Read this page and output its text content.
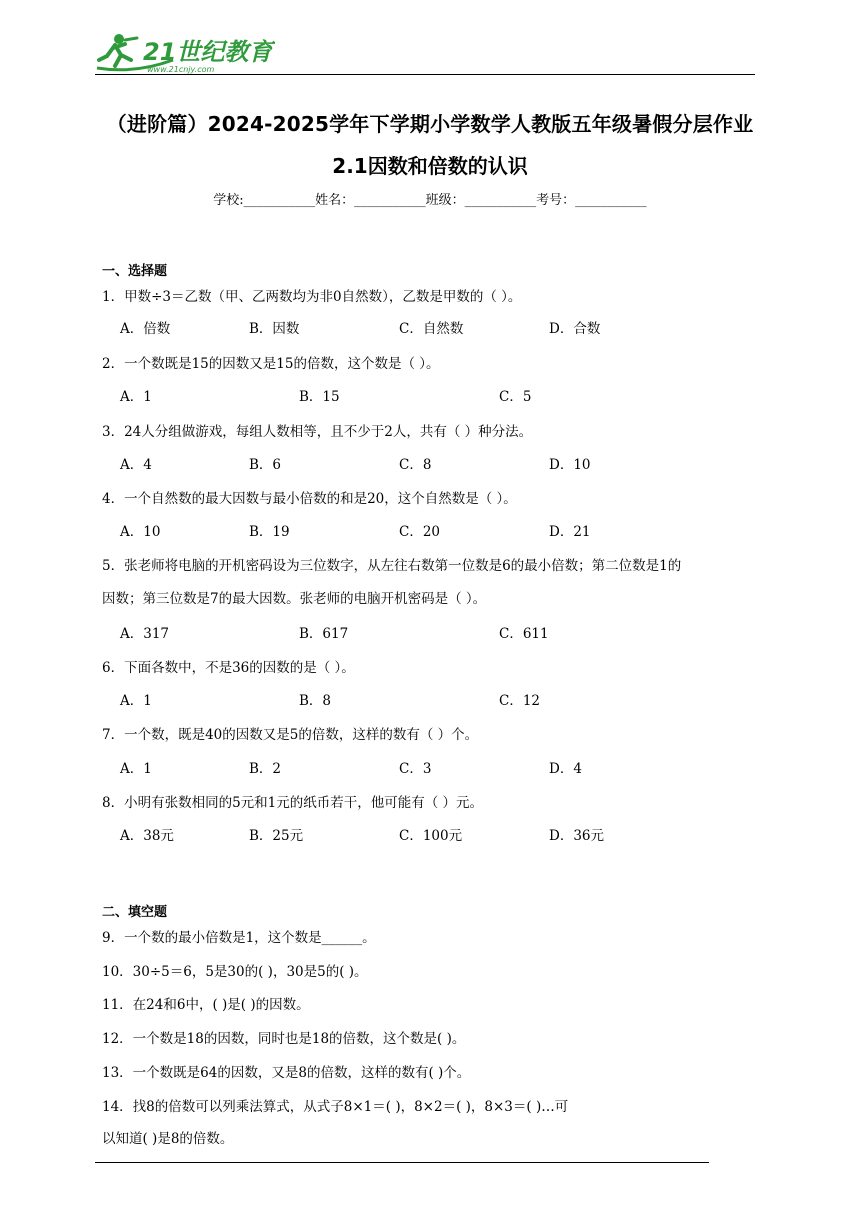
21世纪教育
www.21cnjy.com
（进阶篇）2024-2025学年下学期小学数学人教版五年级暑假分层作业
2.1因数和倍数的认识
学校:___________姓名：___________班级：___________考号：___________
一、选择题
1．甲数÷3＝乙数（甲、乙两数均为非0自然数），乙数是甲数的（ ）。
A．倍数	B．因数	C．自然数	D．合数
2．一个数既是15的因数又是15的倍数，这个数是（ ）。
A．1	B．15	C．5
3．24人分组做游戏，每组人数相等，且不少于2人，共有（ ）种分法。
A．4	B．6	C．8	D．10
4．一个自然数的最大因数与最小倍数的和是20，这个自然数是（ ）。
A．10	B．19	C．20	D．21
5．张老师将电脑的开机密码设为三位数字，从左往右数第一位数是6的最小倍数；第二位数是1的
因数；第三位数是7的最大因数。张老师的电脑开机密码是（ ）。
A．317	B．617	C．611
6．下面各数中，不是36的因数的是（ ）。
A．1	B．8	C．12
7．一个数，既是40的因数又是5的倍数，这样的数有（ ）个。
A．1	B．2	C．3	D．4
8．小明有张数相同的5元和1元的纸币若干，他可能有（ ）元。
A．38元	B．25元	C．100元	D．36元
二、填空题
9．一个数的最小倍数是1，这个数是______。
10．30÷5＝6，5是30的( )，30是5的( )。
11．在24和6中，( )是( )的因数。
12．一个数是18的因数，同时也是18的倍数，这个数是( )。
13．一个数既是64的因数，又是8的倍数，这样的数有( )个。
14．找8的倍数可以列乘法算式，从式子8×1＝( )，8×2＝( )，8×3＝( )…可
以知道( )是8的倍数。
